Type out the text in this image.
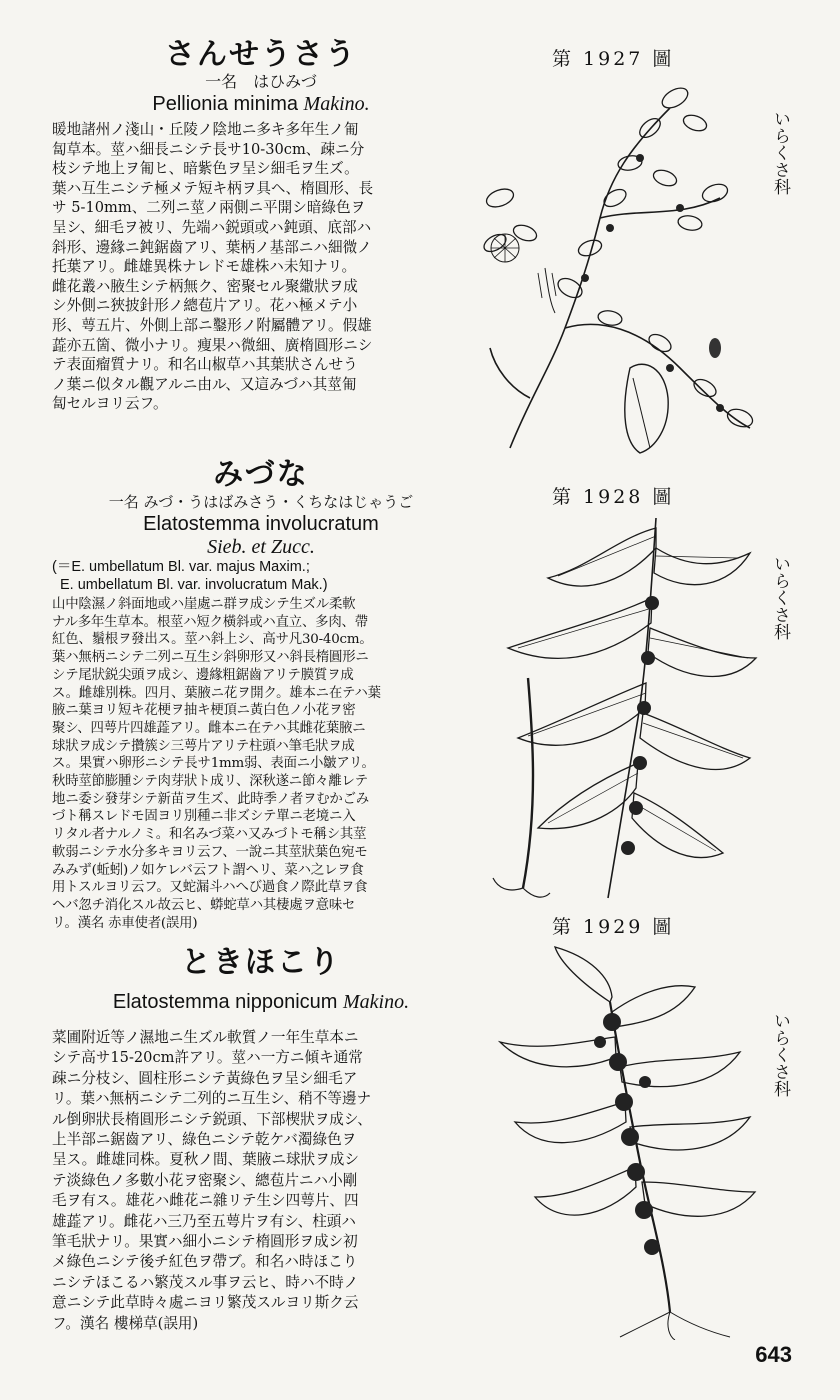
さんせうさう
一名　はひみづ
Pellionia minima Makino.
暖地諸州ノ淺山・丘陵ノ陰地ニ多キ多年生ノ匍
匐草本。莖ハ細長ニシテ長サ10-30cm、疎ニ分
枝シテ地上ヲ匍ヒ、暗紫色ヲ呈シ細毛ヲ生ズ。
葉ハ互生ニシテ極メテ短キ柄ヲ具ヘ、楕圓形、長
サ 5-10mm、二列ニ莖ノ兩側ニ平開シ暗綠色ヲ
呈シ、細毛ヲ被リ、先端ハ鋭頭或ハ鈍頭、底部ハ
斜形、邊緣ニ鈍鋸齒アリ、葉柄ノ基部ニハ細微ノ
托葉アリ。雌雄異株ナレドモ雄株ハ未知ナリ。
雌花叢ハ腋生シテ柄無ク、密聚セル聚繖狀ヲ成
シ外側ニ狹披針形ノ總苞片アリ。花ハ極メテ小
形、萼五片、外側上部ニ鑿形ノ附屬體アリ。假雄
蕋亦五箇、微小ナリ。痩果ハ微細、廣楕圓形ニシ
テ表面瘤質ナリ。和名山椒草ハ其葉狀さんせう
ノ葉ニ似タル觀アルニ由ル、又這みづハ其莖匍
匐セルヨリ云フ。
みづな
一名 みづ・うはばみさう・くちなはじゃうご
Elatostemma involucratum
Sieb. et Zucc.
(＝E. umbellatum Bl. var. majus Maxim.;
E. umbellatum Bl. var. involucratum Mak.)
山中陰濕ノ斜面地或ハ崖處ニ群ヲ成シテ生ズル柔軟
ナル多年生草本。根莖ハ短ク橫斜或ハ直立、多肉、帶
紅色、鬚根ヲ發出ス。莖ハ斜上シ、高サ凡30-40cm。
葉ハ無柄ニシテ二列ニ互生シ斜卵形又ハ斜長楕圓形ニ
シテ尾狀鋭尖頭ヲ成シ、邊緣粗鋸齒アリテ膜質ヲ成
ス。雌雄別株。四月、葉腋ニ花ヲ開ク。雄本ニ在テハ葉
腋ニ葉ヨリ短キ花梗ヲ抽キ梗頂ニ黃白色ノ小花ヲ密
聚シ、四萼片四雄蕋アリ。雌本ニ在テハ其雌花葉腋ニ
球狀ヲ成シテ攢簇シ三萼片アリテ柱頭ハ筆毛狀ヲ成
ス。果實ハ卵形ニシテ長サ1mm弱、表面ニ小皺アリ。
秋時莖節膨腫シテ肉芽狀ト成リ、深秋遂ニ節々離レテ
地ニ委シ發芽シテ新苗ヲ生ズ、此時季ノ者ヲむかごみ
づト稱スレドモ固ヨリ別種ニ非ズシテ單ニ老境ニ入
リタル者ナルノミ。和名みづ菜ハ又みづトモ稱シ其莖
軟弱ニシテ水分多キヨリ云フ、一說ニ其莖狀葉色宛モ
みみず(蚯蚓)ノ如ケレバ云フト謂ヘリ、菜ハ之レヲ食
用トスルヨリ云フ。又蛇漏斗ハへび過食ノ際此草ヲ食
ヘバ忽チ消化スル故云ヒ、蟒蛇草ハ其棲處ヲ意味セ
リ。漢名 赤車使者(誤用)
ときほこり
Elatostemma nipponicum Makino.
菜圃附近等ノ濕地ニ生ズル軟質ノ一年生草本ニ
シテ高サ15-20cm許アリ。莖ハ一方ニ傾キ通常
疎ニ分枝シ、圓柱形ニシテ黃綠色ヲ呈シ細毛ア
リ。葉ハ無柄ニシテ二列的ニ互生シ、稍不等邊ナ
ル倒卵狀長楕圓形ニシテ鋭頭、下部楔狀ヲ成シ、
上半部ニ鋸齒アリ、綠色ニシテ乾ケバ濁綠色ヲ
呈ス。雌雄同株。夏秋ノ間、葉腋ニ球狀ヲ成シ
テ淡綠色ノ多數小花ヲ密聚シ、總苞片ニハ小剛
毛ヲ有ス。雄花ハ雌花ニ雜リテ生シ四萼片、四
雄蕋アリ。雌花ハ三乃至五萼片ヲ有シ、柱頭ハ
筆毛狀ナリ。果實ハ細小ニシテ楕圓形ヲ成シ初
メ綠色ニシテ後チ紅色ヲ帶ブ。和名ハ時ほこり
ニシテほこるハ繁茂スル事ヲ云ヒ、時ハ不時ノ
意ニシテ此草時々處ニヨリ繁茂スルヨリ斯ク云
フ。漢名 樓梯草(誤用)
第 1927 圖
第 1928 圖
第 1929 圖
いらくさ科
いらくさ科
いらくさ科
643
